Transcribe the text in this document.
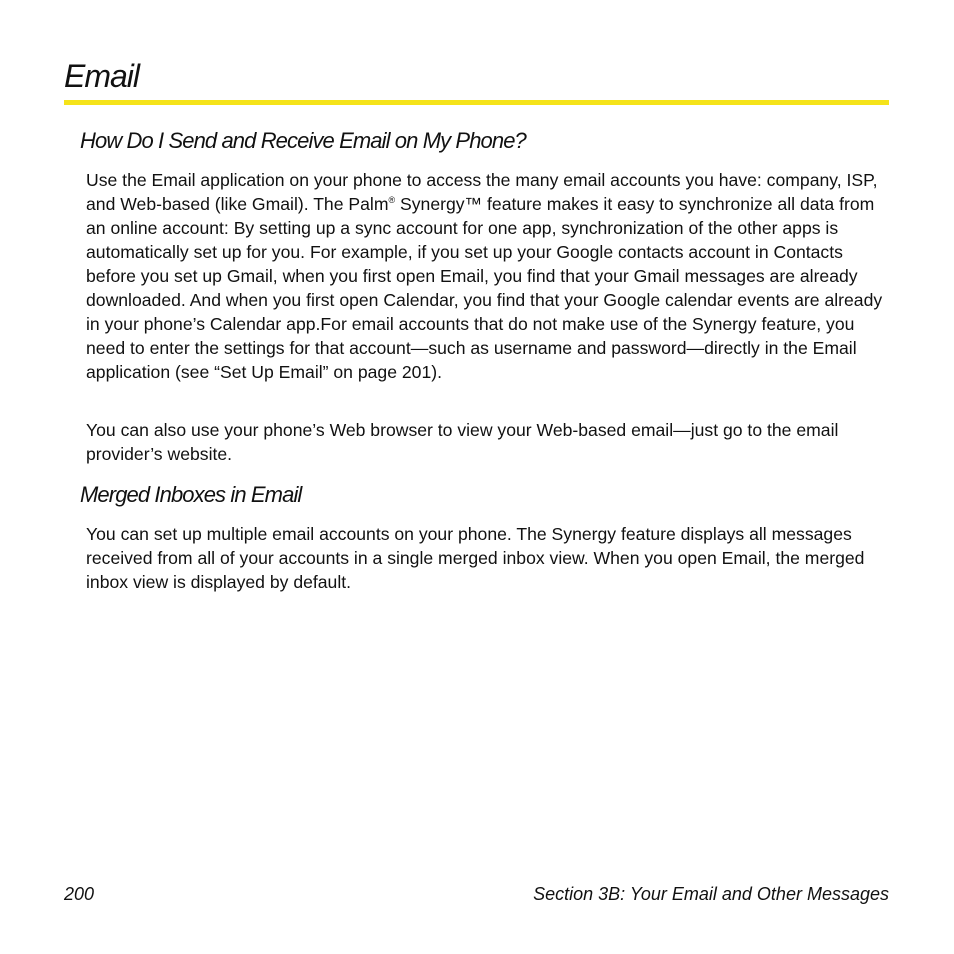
Email
How Do I Send and Receive Email on My Phone?

Use the Email application on your phone to access the many email accounts you have: company, ISP, and Web-based (like Gmail). The Palm® Synergy™ feature makes it easy to synchronize all data from an online account: By setting up a sync account for one app, synchronization of the other apps is automatically set up for you. For example, if you set up your Google contacts account in Contacts before you set up Gmail, when you first open Email, you find that your Gmail messages are already downloaded. And when you first open Calendar, you find that your Google calendar events are already in your phone’s Calendar app.For email accounts that do not make use of the Synergy feature, you need to enter the settings for that account—such as username and password—directly in the Email application (see “Set Up Email” on page 201).

You can also use your phone’s Web browser to view your Web-based email—just go to the email provider’s website.

Merged Inboxes in Email

You can set up multiple email accounts on your phone. The Synergy feature displays all messages received from all of your accounts in a single merged inbox view. When you open Email, the merged inbox view is displayed by default.

200	Section 3B: Your Email and Other Messages
